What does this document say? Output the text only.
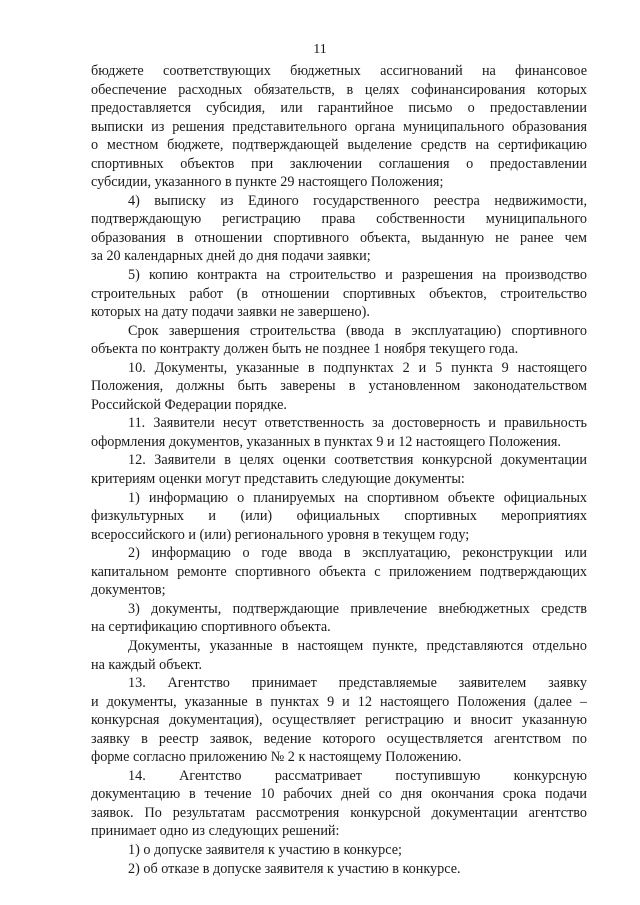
11
бюджете соответствующих бюджетных ассигнований на финансовое
обеспечение расходных обязательств, в целях софинансирования которых
предоставляется субсидия, или гарантийное письмо о предоставлении
выписки из решения представительного органа муниципального образования
о местном бюджете, подтверждающей выделение средств на сертификацию
спортивных объектов при заключении соглашения о предоставлении
субсидии, указанного в пункте 29 настоящего Положения;
4) выписку из Единого государственного реестра недвижимости,
подтверждающую регистрацию права собственности муниципального
образования в отношении спортивного объекта, выданную не ранее чем
за 20 календарных дней до дня подачи заявки;
5) копию контракта на строительство и разрешения на производство
строительных работ (в отношении спортивных объектов, строительство
которых на дату подачи заявки не завершено).
Срок завершения строительства (ввода в эксплуатацию) спортивного
объекта по контракту должен быть не позднее 1 ноября текущего года.
10. Документы, указанные в подпунктах 2 и 5 пункта 9 настоящего
Положения, должны быть заверены в установленном законодательством
Российской Федерации порядке.
11. Заявители несут ответственность за достоверность и правильность
оформления документов, указанных в пунктах 9 и 12 настоящего Положения.
12. Заявители в целях оценки соответствия конкурсной документации
критериям оценки могут представить следующие документы:
1) информацию о планируемых на спортивном объекте официальных
физкультурных и (или) официальных спортивных мероприятиях
всероссийского и (или) регионального уровня в текущем году;
2) информацию о годе ввода в эксплуатацию, реконструкции или
капитальном ремонте спортивного объекта с приложением подтверждающих
документов;
3) документы, подтверждающие привлечение внебюджетных средств
на сертификацию спортивного объекта.
Документы, указанные в настоящем пункте, представляются отдельно
на каждый объект.
13. Агентство принимает представляемые заявителем заявку
и документы, указанные в пунктах 9 и 12 настоящего Положения (далее –
конкурсная документация), осуществляет регистрацию и вносит указанную
заявку в реестр заявок, ведение которого осуществляется агентством по
форме согласно приложению № 2 к настоящему Положению.
14. Агентство рассматривает поступившую конкурсную
документацию в течение 10 рабочих дней со дня окончания срока подачи
заявок. По результатам рассмотрения конкурсной документации агентство
принимает одно из следующих решений:
1) о допуске заявителя к участию в конкурсе;
2) об отказе в допуске заявителя к участию в конкурсе.
